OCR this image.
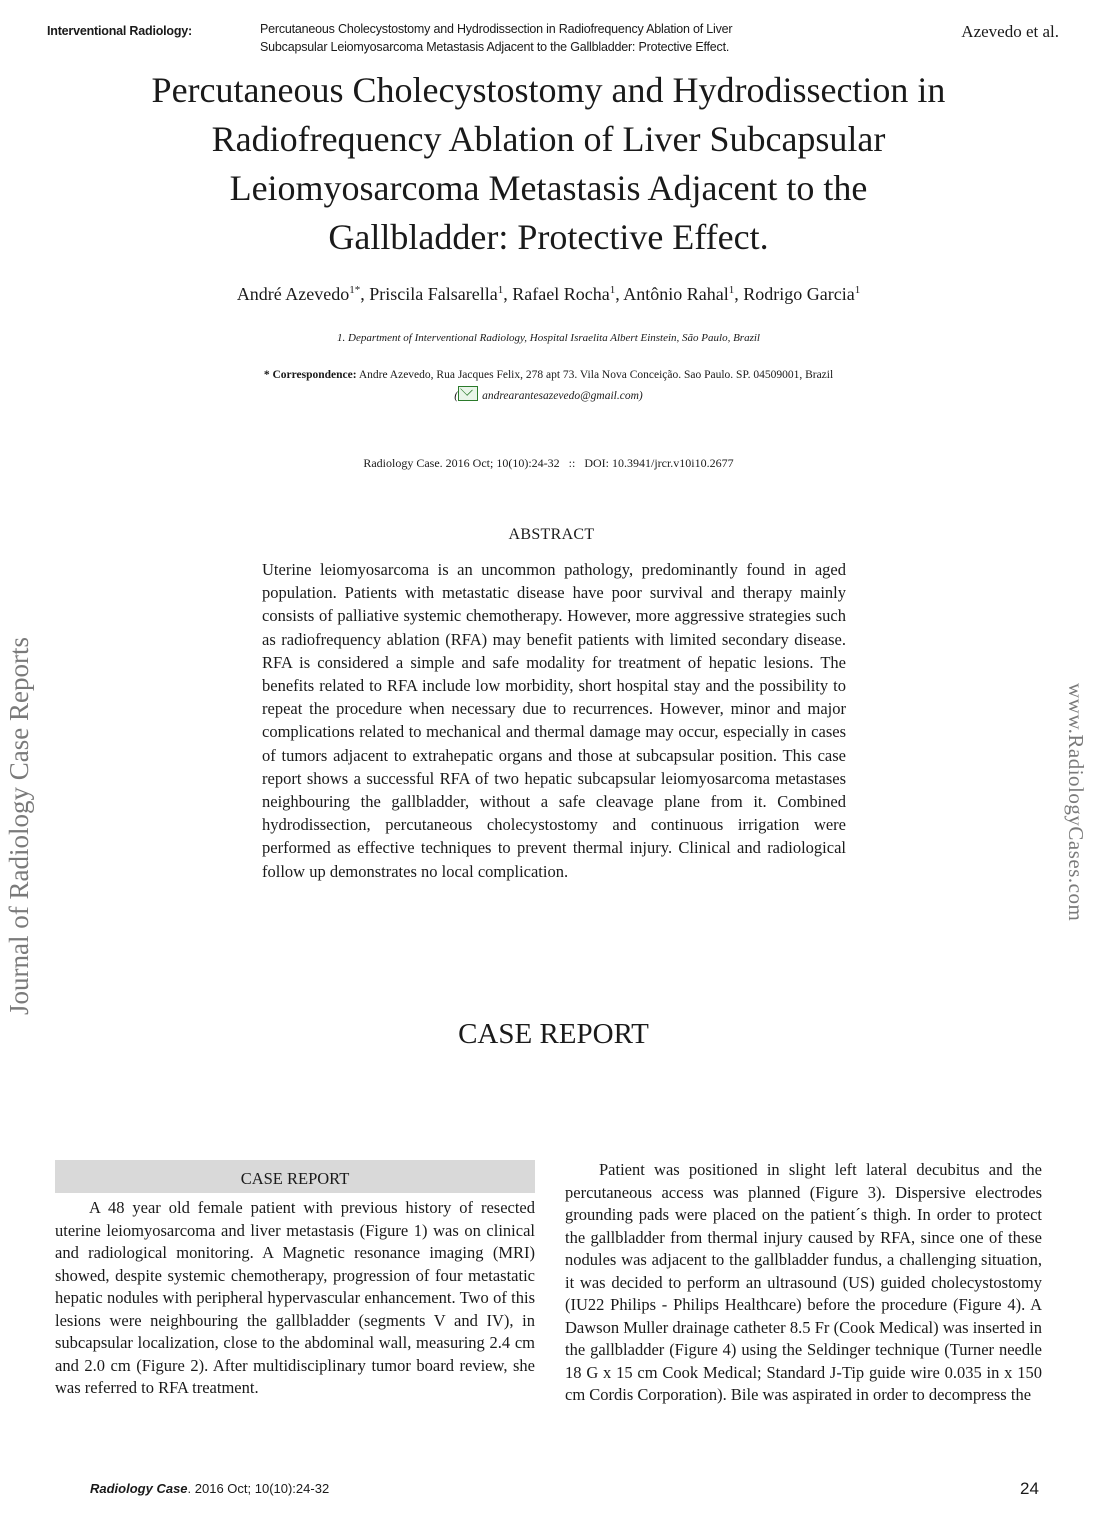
Interventional Radiology:	Percutaneous Cholecystostomy and Hydrodissection in Radiofrequency Ablation of Liver
Subcapsular Leiomyosarcoma Metastasis Adjacent to the Gallbladder: Protective Effect.
Azevedo et al.
Percutaneous Cholecystostomy and Hydrodissection in
Radiofrequency Ablation of Liver Subcapsular
Leiomyosarcoma Metastasis Adjacent to the
Gallbladder: Protective Effect.
André Azevedo$^{1*}$, Priscila Falsarella$^1$, Rafael Rocha$^1$, Antônio Rahal$^1$, Rodrigo Garcia$^1$
1. Department of Interventional Radiology, Hospital Israelita Albert Einstein, São Paulo, Brazil
* Correspondence: Andre Azevedo, Rua Jacques Felix, 278 apt 73. Vila Nova Conceição. Sao Paulo. SP. 04509001, Brazil
( andrearantesazevedo@gmail.com)
Radiology Case. 2016 Oct; 10(10):24-32   ::   DOI: 10.3941/jrcr.v10i10.2677
ABSTRACT
Uterine leiomyosarcoma is an uncommon pathology, predominantly found in aged population. Patients with metastatic disease have poor survival and therapy mainly consists of palliative systemic chemotherapy. However, more aggressive strategies such as radiofrequency ablation (RFA) may benefit patients with limited secondary disease. RFA is considered a simple and safe modality for treatment of hepatic lesions. The benefits related to RFA include low morbidity, short hospital stay and the possibility to repeat the procedure when necessary due to recurrences. However, minor and major complications related to mechanical and thermal damage may occur, especially in cases of tumors adjacent to extrahepatic organs and those at subcapsular position. This case report shows a successful RFA of two hepatic subcapsular leiomyosarcoma metastases neighbouring the gallbladder, without a safe cleavage plane from it. Combined hydrodissection, percutaneous cholecystostomy and continuous irrigation were performed as effective techniques to prevent thermal injury. Clinical and radiological follow up demonstrates no local complication.
CASE REPORT
Journal of Radiology Case Reports	www.RadiologyCases.com
CASE REPORT

A 48 year old female patient with previous history of resected uterine leiomyosarcoma and liver metastasis (Figure 1) was on clinical and radiological monitoring. A Magnetic resonance imaging (MRI) showed, despite systemic chemotherapy, progression of four metastatic hepatic nodules with peripheral hypervascular enhancement. Two of this lesions were neighbouring the gallbladder (segments V and IV), in subcapsular localization, close to the abdominal wall, measuring 2.4 cm and 2.0 cm (Figure 2). After multidisciplinary tumor board review, she was referred to RFA treatment.

Patient was positioned in slight left lateral decubitus and the percutaneous access was planned (Figure 3). Dispersive electrodes grounding pads were placed on the patient´s thigh. In order to protect the gallbladder from thermal injury caused by RFA, since one of these nodules was adjacent to the gallbladder fundus, a challenging situation, it was decided to perform an ultrasound (US) guided cholecystostomy (IU22 Philips - Philips Healthcare) before the procedure (Figure 4). A Dawson Muller drainage catheter 8.5 Fr (Cook Medical) was inserted in the gallbladder (Figure 4) using the Seldinger technique (Turner needle 18 G x 15 cm Cook Medical; Standard J-Tip guide wire 0.035 in x 150 cm Cordis Corporation). Bile was aspirated in order to decompress the

Radiology Case. 2016 Oct; 10(10):24-32	24
